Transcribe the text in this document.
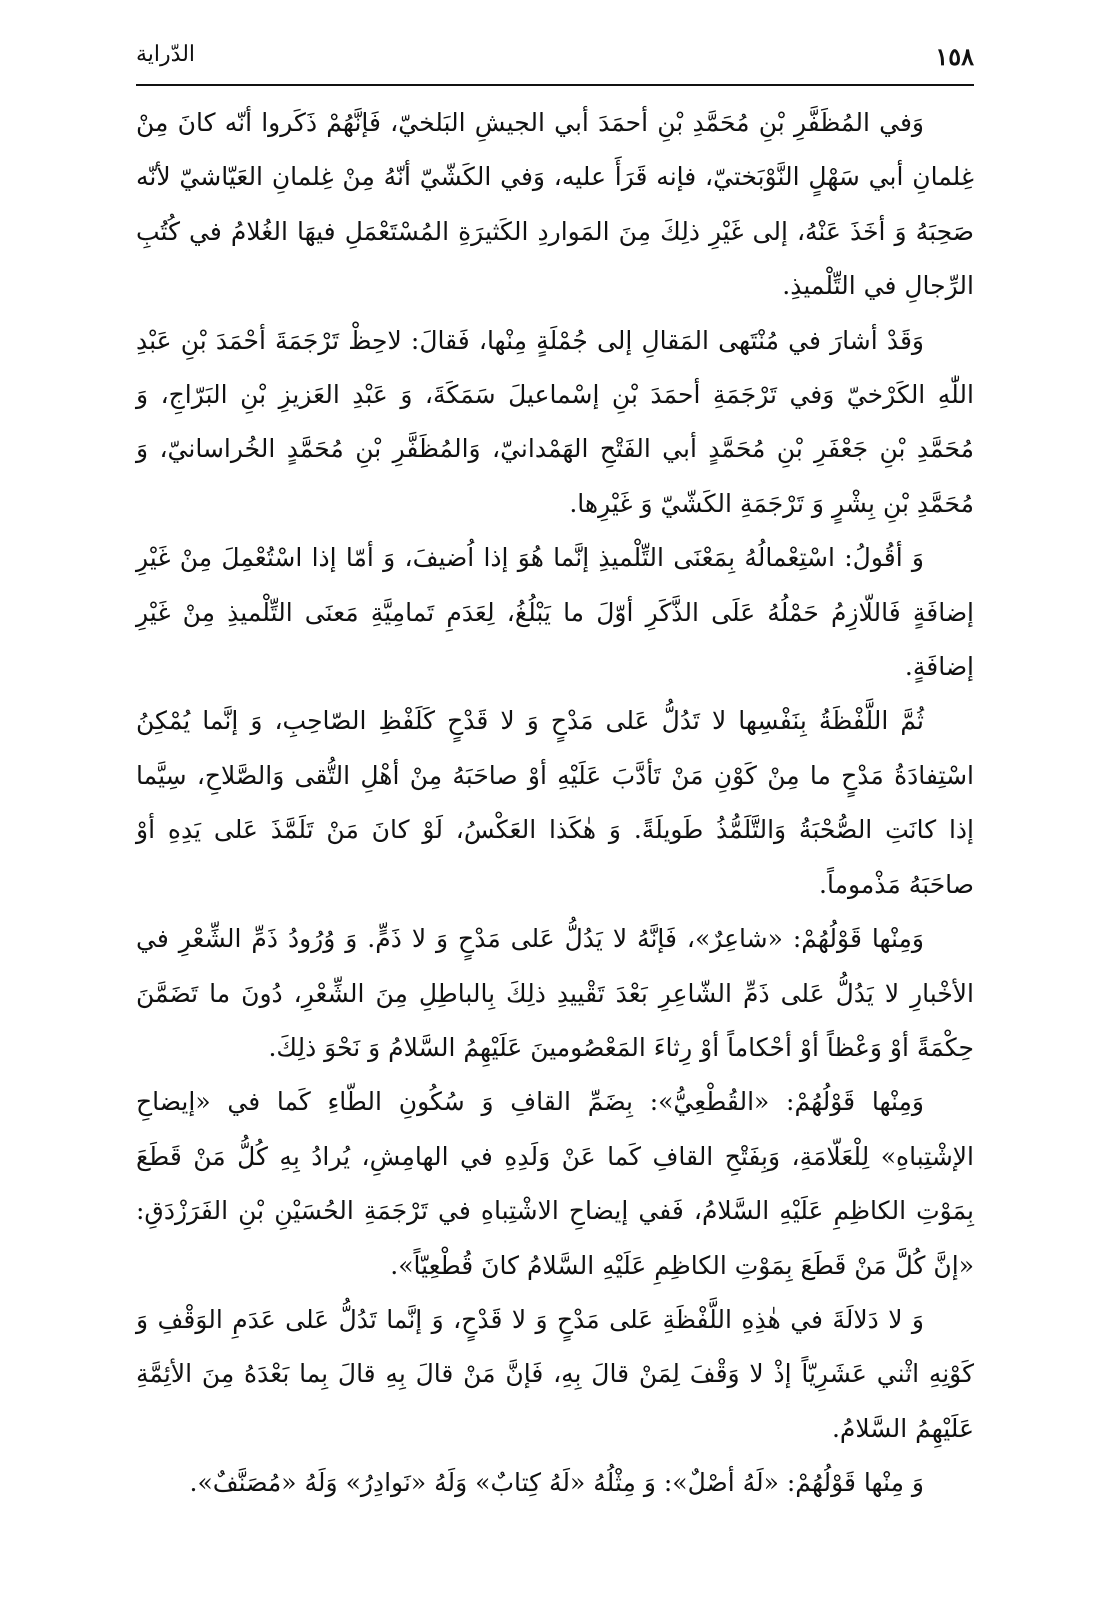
١٥٨
الدّراية

وَفي المُظَفَّرِ بْنِ مُحَمَّدِ بْنِ أحمَدَ أبي الجيشِ البَلخيّ، فَإنَّهُمْ ذَكَروا أنّه كانَ مِنْ غِلمانِ أبي سَهْلٍ النَّوْبَختيّ، فإنه قَرَأَ عليه، وَفي الكَشّيّ أنّهُ مِنْ غِلمانِ العَيّاشيّ لأنّه صَحِبَهُ وَ أخَذَ عَنْهُ، إلى غَيْرِ ذلِكَ مِنَ المَواردِ الكَثيرَةِ المُسْتَعْمَلِ فيهَا الغُلامُ في كُتُبِ الرِّجالِ في التِّلْميذِ.

وَقَدْ أشارَ في مُنْتَهى المَقالِ إلى جُمْلَةٍ مِنْها، فَقالَ: لاحِظْ تَرْجَمَةَ أحْمَدَ بْنِ عَبْدِ اللّٰهِ الكَرْخيّ وَفي تَرْجَمَةِ أحمَدَ بْنِ إسْماعيلَ سَمَكَةَ، وَ عَبْدِ العَزيزِ بْنِ البَرّاجِ، وَ مُحَمَّدِ بْنِ جَعْفَرِ بْنِ مُحَمَّدٍ أبي الفَتْحِ الهَمْدانيّ، وَالمُظَفَّرِ بْنِ مُحَمَّدٍ الخُراسانيّ، وَ مُحَمَّدِ بْنِ بِشْرٍ وَ تَرْجَمَةِ الكَشّيّ وَ غَيْرِها.

وَ أقُولُ: اسْتِعْمالُهُ بِمَعْنَى التِّلْميذِ إنَّما هُوَ إذا اُضيفَ، وَ أمّا إذا اسْتُعْمِلَ مِنْ غَيْرِ إضافَةٍ فَاللّازِمُ حَمْلُهُ عَلَى الذَّكَرِ أوّلَ ما يَبْلُغُ، لِعَدَمِ تَمامِيَّةِ مَعنَى التِّلْميذِ مِنْ غَيْرِ إضافَةٍ.

ثُمَّ اللَّفْظَةُ بِنَفْسِها لا تَدُلُّ عَلى مَدْحٍ وَ لا قَدْحٍ كَلَفْظِ الصّاحِبِ، وَ إنَّما يُمْكِنُ اسْتِفادَةُ مَدْحٍ ما مِنْ كَوْنِ مَنْ تَأدَّبَ عَلَيْهِ أوْ صاحَبَهُ مِنْ أهْلِ التُّقى وَالصَّلاحِ، سِيَّما إذا كانَتِ الصُّحْبَةُ وَالتَّلَمُّذُ طَويلَةً. وَ هٰكَذا العَكْسُ، لَوْ كانَ مَنْ تَلَمَّذَ عَلى يَدِهِ أوْ صاحَبَهُ مَذْموماً.

وَمِنْها قَوْلُهُمْ: «شاعِرٌ»، فَإنَّهُ لا يَدُلُّ عَلى مَدْحٍ وَ لا ذَمٍّ. وَ وُرُودُ ذَمِّ الشِّعْرِ في الأخْبارِ لا يَدُلُّ عَلى ذَمِّ الشّاعِرِ بَعْدَ تَقْييدِ ذلِكَ بِالباطِلِ مِنَ الشِّعْرِ، دُونَ ما تَضَمَّنَ حِكْمَةً أوْ وَعْظاً أوْ أحْكاماً أوْ رِثاءَ المَعْصُومينَ عَلَيْهِمُ السَّلامُ وَ نَحْوَ ذلِكَ.

وَمِنْها قَوْلُهُمْ: «القُطْعِيُّ»: بِضَمِّ القافِ وَ سُكُونِ الطّاءِ كَما في «إيضاحِ الإشْتِباهِ» لِلْعَلّامَةِ، وَبِفَتْحِ القافِ كَما عَنْ وَلَدِهِ في الهامِشِ، يُرادُ بِهِ كُلُّ مَنْ قَطَعَ بِمَوْتِ الكاظِمِ عَلَيْهِ السَّلامُ، فَفي إيضاحِ الاشْتِباهِ في تَرْجَمَةِ الحُسَيْنِ بْنِ الفَرَزْدَقِ: «إنَّ كُلَّ مَنْ قَطَعَ بِمَوْتِ الكاظِمِ عَلَيْهِ السَّلامُ كانَ قُطْعِيّاً».

وَ لا دَلالَةَ في هٰذِهِ اللَّفْظَةِ عَلى مَدْحٍ وَ لا قَدْحٍ، وَ إنَّما تَدُلُّ عَلى عَدَمِ الوَقْفِ وَ كَوْنِهِ اثْني عَشَرِيّاً إذْ لا وَقْفَ لِمَنْ قالَ بِهِ، فَإنَّ مَنْ قالَ بِهِ قالَ بِما بَعْدَهُ مِنَ الأئِمَّةِ عَلَيْهِمُ السَّلامُ.

وَ مِنْها قَوْلُهُمْ: «لَهُ أصْلٌ»: وَ مِثْلُهُ «لَهُ كِتابٌ» وَلَهُ «نَوادِرُ» وَلَهُ «مُصَنَّفٌ».
